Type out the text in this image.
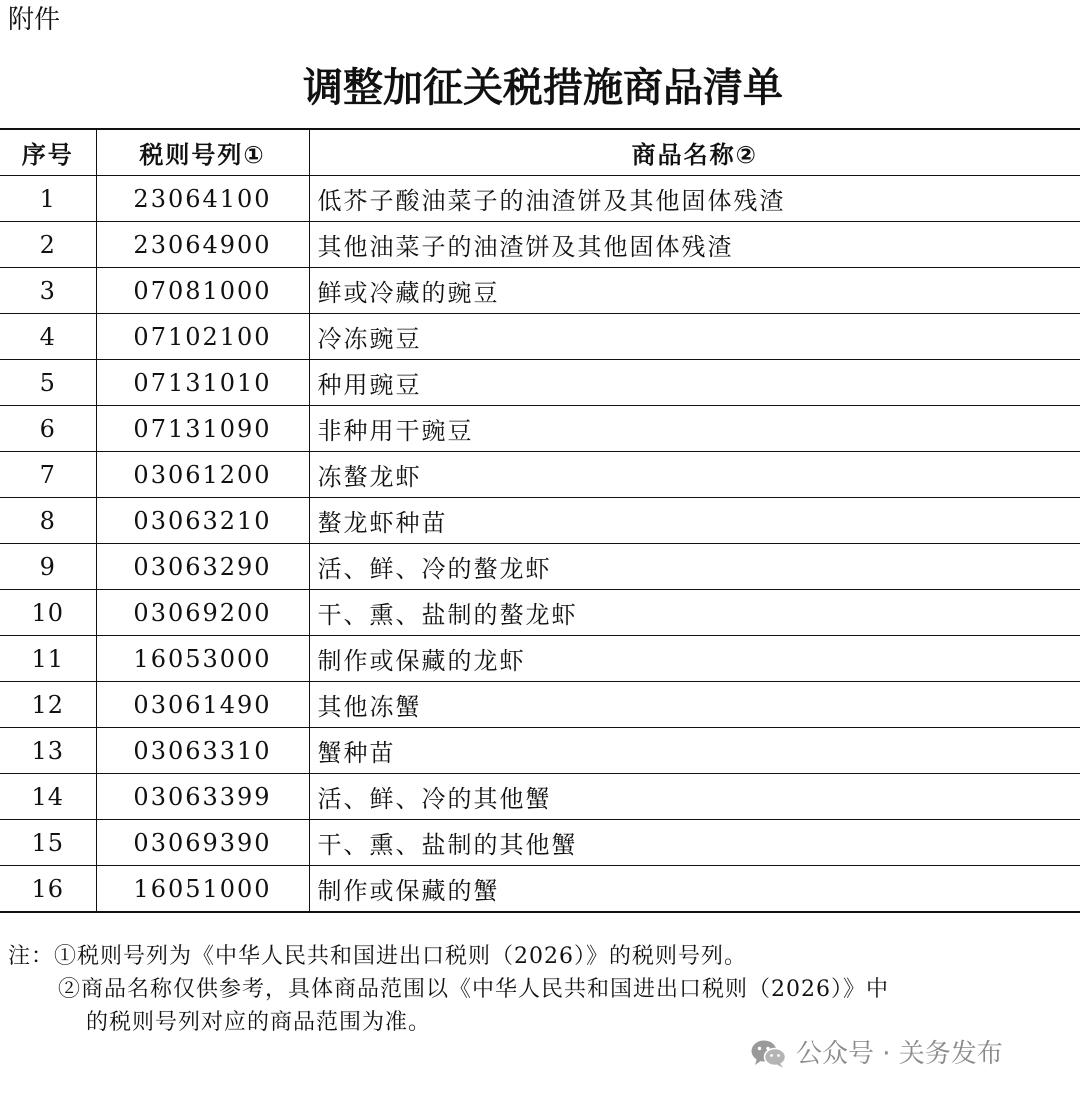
附件
调整加征关税措施商品清单
序号	税则号列①	商品名称②
1	23064100	低芥子酸油菜子的油渣饼及其他固体残渣
2	23064900	其他油菜子的油渣饼及其他固体残渣
3	07081000	鲜或冷藏的豌豆
4	07102100	冷冻豌豆
5	07131010	种用豌豆
6	07131090	非种用干豌豆
7	03061200	冻螯龙虾
8	03063210	螯龙虾种苗
9	03063290	活、鲜、冷的螯龙虾
10	03069200	干、熏、盐制的螯龙虾
11	16053000	制作或保藏的龙虾
12	03061490	其他冻蟹
13	03063310	蟹种苗
14	03063399	活、鲜、冷的其他蟹
15	03069390	干、熏、盐制的其他蟹
16	16051000	制作或保藏的蟹
注：①税则号列为《中华人民共和国进出口税则（2026）》的税则号列。
②商品名称仅供参考，具体商品范围以《中华人民共和国进出口税则（2026）》中
的税则号列对应的商品范围为准。
公众号 · 关务发布
